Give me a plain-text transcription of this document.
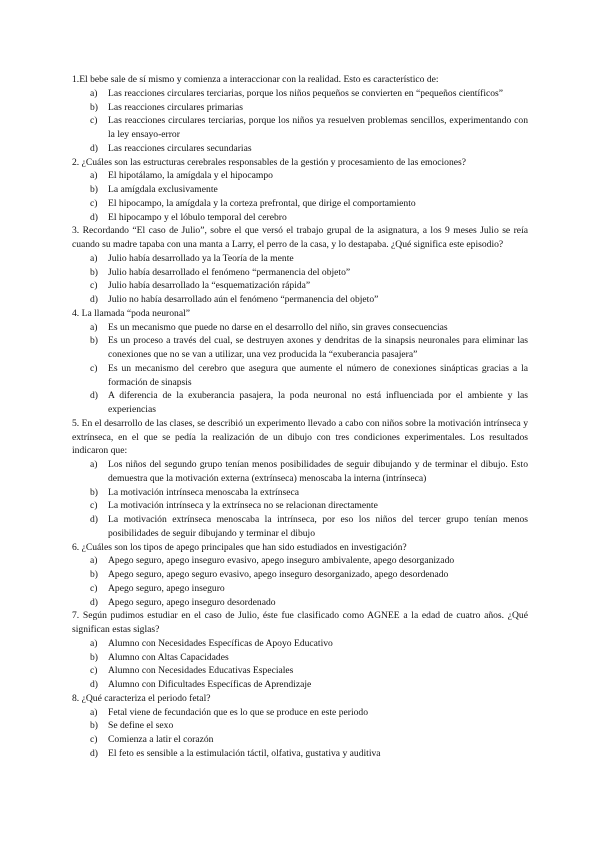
1.El bebe sale de sí mismo y comienza a interaccionar con la realidad. Esto es característico de:

a)	Las reacciones circulares terciarias, porque los niños pequeños se convierten en “pequeños científicos”
b)	Las reacciones circulares primarias
c)	Las reacciones circulares terciarias, porque los niños ya resuelven problemas sencillos, experimentando con la ley ensayo-error
d)	Las reacciones circulares secundarias

2. ¿Cuáles son las estructuras cerebrales responsables de la gestión y procesamiento de las emociones?

a)	El hipotálamo, la amígdala y el hipocampo
b)	La amígdala exclusivamente
c)	El hipocampo, la amígdala y la corteza prefrontal, que dirige el comportamiento
d)	El hipocampo y el lóbulo temporal del cerebro

3. Recordando “El caso de Julio”, sobre el que versó el trabajo grupal de la asignatura, a los 9 meses Julio se reía cuando su madre tapaba con una manta a Larry, el perro de la casa, y lo destapaba. ¿Qué significa este episodio?

a)	Julio había desarrollado ya la Teoría de la mente
b)	Julio había desarrollado el fenómeno “permanencia del objeto”
c)	Julio había desarrollado la “esquematización rápida”
d)	Julio no había desarrollado aún el fenómeno “permanencia del objeto”

4. La llamada “poda neuronal”

a)	Es un mecanismo que puede no darse en el desarrollo del niño, sin graves consecuencias
b)	Es un proceso a través del cual, se destruyen axones y dendritas de la sinapsis neuronales para eliminar las conexiones que no se van a utilizar, una vez producida la “exuberancia pasajera”
c)	Es un mecanismo del cerebro que asegura que aumente el número de conexiones sinápticas gracias a la formación de sinapsis
d)	A diferencia de la exuberancia pasajera, la poda neuronal no está influenciada por el ambiente y las experiencias

5. En el desarrollo de las clases, se describió un experimento llevado a cabo con niños sobre la motivación intrínseca y extrínseca, en el que se pedía la realización de un dibujo con tres condiciones experimentales. Los resultados indicaron que:

a)	Los niños del segundo grupo tenían menos posibilidades de seguir dibujando y de terminar el dibujo. Esto demuestra que la motivación externa (extrínseca) menoscaba la interna (intrínseca)
b)	La motivación intrínseca menoscaba la extrínseca
c)	La motivación intrínseca y la extrínseca no se relacionan directamente
d)	La motivación extrínseca menoscaba la intrínseca, por eso los niños del tercer grupo tenían menos posibilidades de seguir dibujando y terminar el dibujo

6. ¿Cuáles son los tipos de apego principales que han sido estudiados en investigación?

a)	Apego seguro, apego inseguro evasivo, apego inseguro ambivalente, apego desorganizado
b)	Apego seguro, apego seguro evasivo, apego inseguro desorganizado, apego desordenado
c)	Apego seguro, apego inseguro
d)	Apego seguro, apego inseguro desordenado

7. Según pudimos estudiar en el caso de Julio, éste fue clasificado como AGNEE a la edad de cuatro años. ¿Qué significan estas siglas?

a)	Alumno con Necesidades Específicas de Apoyo Educativo
b)	Alumno con Altas Capacidades
c)	Alumno con Necesidades Educativas Especiales
d)	Alumno con Dificultades Específicas de Aprendizaje

8. ¿Qué caracteriza el periodo fetal?

a)	Fetal viene de fecundación que es lo que se produce en este periodo
b)	Se define el sexo
c)	Comienza a latir el corazón
d)	El feto es sensible a la estimulación táctil, olfativa, gustativa y auditiva
